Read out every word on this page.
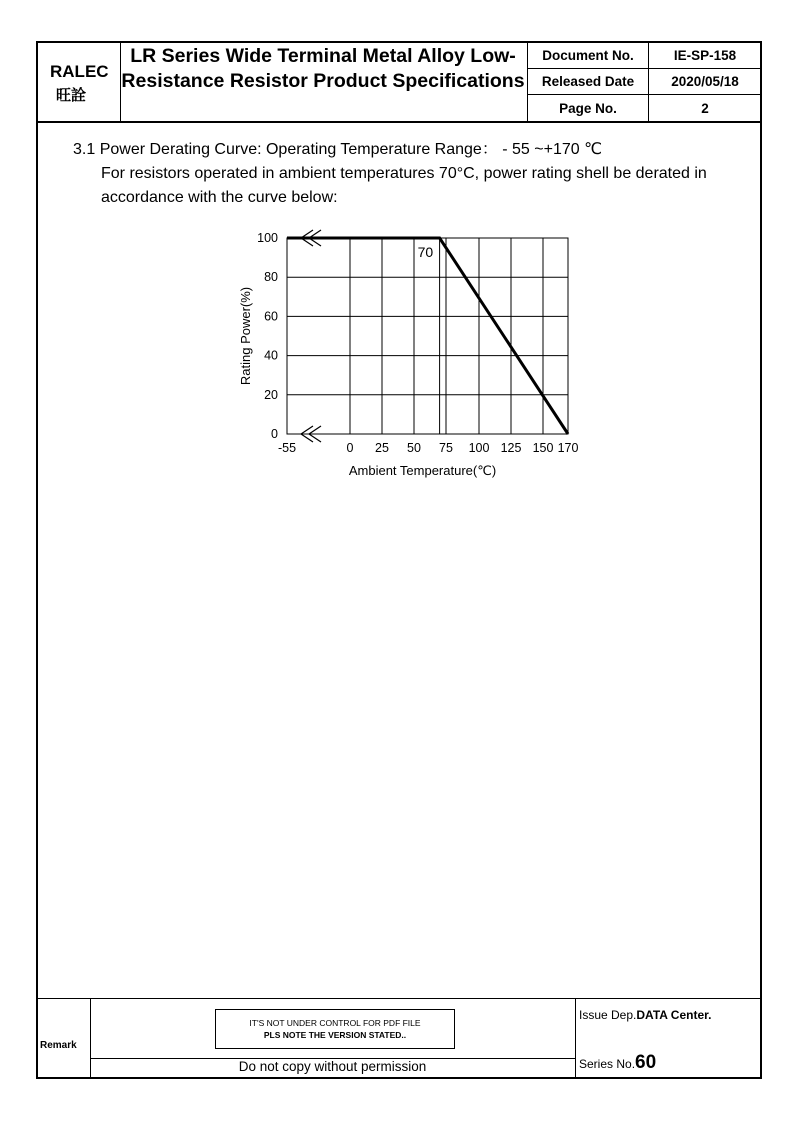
RALEC
旺詮
LR Series Wide Terminal Metal Alloy Low-Resistance Resistor Product Specifications
Document No.	IE-SP-158
Released Date	2020/05/18
Page No.	2
3.1 Power Derating Curve: Operating Temperature Range： - 55 ~+170 ℃
For resistors operated in ambient temperatures 70°C, power rating shell be derated in
accordance with the curve below:
0
20
40
60
80
100
-55	0 25 50 75 100 125 150 170
70
Rating Power(%)
Ambient Temperature(℃)
Remark
IT'S NOT UNDER CONTROL FOR PDF FILE
PLS NOTE THE VERSION STATED..
Do not copy without permission
Issue Dep.DATA Center.
Series No.60
